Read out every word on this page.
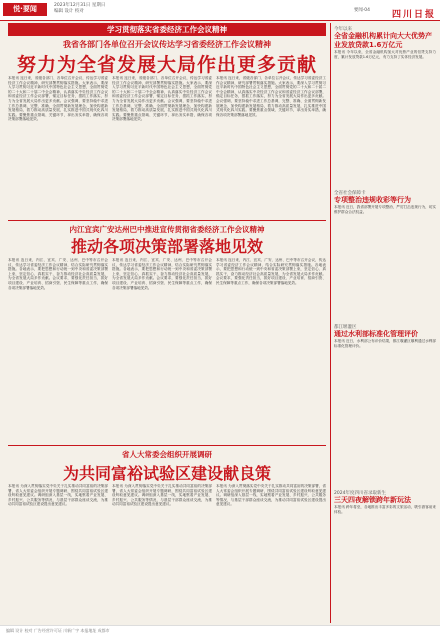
悦·要闻	2023年12月31日 星期日
编辑 设计 校对	四川日报
要闻·04
学习贯彻落实省委经济工作会议精神
我省各部门各单位召开会议传达学习省委经济工作会议精神
努力为全省发展大局作出更多贡献
本报讯 连日来，省级各部门、各单位召开会议，传达学习省委经济工作会议精神，研究部署贯彻落实措施。大家表示，要深入学习贯彻习近平新时代中国特色社会主义思想，全面贯彻党的二十大和二十届二中全会精神，认真落实中央经济工作会议和省委经济工作会议部署，锚定目标任务，狠抓工作落实，努力为全省发展大局作出更多贡献。会议强调，要坚持稳中求进工作总基调，完整、准确、全面贯彻新发展理念，加快构建新发展格局，着力推动高质量发展，扎实推进中国式现代化四川实践。要聚焦重点领域、关键环节，拿出务实举措，确保各项决策部署落地见效。
本报讯 连日来，省级各部门、各单位召开会议，传达学习省委经济工作会议精神，研究部署贯彻落实措施。大家表示，要深入学习贯彻习近平新时代中国特色社会主义思想，全面贯彻党的二十大和二十届二中全会精神，认真落实中央经济工作会议和省委经济工作会议部署，锚定目标任务，狠抓工作落实，努力为全省发展大局作出更多贡献。会议强调，要坚持稳中求进工作总基调，完整、准确、全面贯彻新发展理念，加快构建新发展格局，着力推动高质量发展，扎实推进中国式现代化四川实践。要聚焦重点领域、关键环节，拿出务实举措，确保各项决策部署落地见效。
本报讯 连日来，省级各部门、各单位召开会议，传达学习省委经济工作会议精神，研究部署贯彻落实措施。大家表示，要深入学习贯彻习近平新时代中国特色社会主义思想，全面贯彻党的二十大和二十届二中全会精神，认真落实中央经济工作会议和省委经济工作会议部署，锚定目标任务，狠抓工作落实，努力为全省发展大局作出更多贡献。会议强调，要坚持稳中求进工作总基调，完整、准确、全面贯彻新发展理念，加快构建新发展格局，着力推动高质量发展，扎实推进中国式现代化四川实践。要聚焦重点领域、关键环节，拿出务实举措，确保各项决策部署落地见效。
内江宜宾广安达州巴中推进宣传贯彻省委经济工作会议精神
推动各项决策部署落地见效
本报讯 连日来，内江、宜宾、广安、达州、巴中等市召开会议，传达学习省委经济工作会议精神，结合实际研究贯彻落实措施。各地表示，要把思想和行动统一到中央和省委决策部署上来，坚定信心、真抓实干，奋力推动经济社会高质量发展，为全省发展大局多作贡献。会议要求，要强化责任担当，抓好项目建设、产业培育、招商引资、民生保障等重点工作，确保各项决策部署落地见效。
本报讯 连日来，内江、宜宾、广安、达州、巴中等市召开会议，传达学习省委经济工作会议精神，结合实际研究贯彻落实措施。各地表示，要把思想和行动统一到中央和省委决策部署上来，坚定信心、真抓实干，奋力推动经济社会高质量发展，为全省发展大局多作贡献。会议要求，要强化责任担当，抓好项目建设、产业培育、招商引资、民生保障等重点工作，确保各项决策部署落地见效。
本报讯 连日来，内江、宜宾、广安、达州、巴中等市召开会议，传达学习省委经济工作会议精神，结合实际研究贯彻落实措施。各地表示，要把思想和行动统一到中央和省委决策部署上来，坚定信心、真抓实干，奋力推动经济社会高质量发展，为全省发展大局多作贡献。会议要求，要强化责任担当，抓好项目建设、产业培育、招商引资、民生保障等重点工作，确保各项决策部署落地见效。
省人大常委会组织开展调研
为共同富裕试验区建设献良策
本报讯 为深入贯彻落实党中央关于扎实推动共同富裕的决策部署，省人大常委会组织开展专题调研，围绕共同富裕试验区建设听取意见建议。调研组深入基层一线，实地察看产业发展、乡村振兴、公共服务等情况，与基层干部群众座谈交流，为推动共同富裕试验区建设提出意见建议。
本报讯 为深入贯彻落实党中央关于扎实推动共同富裕的决策部署，省人大常委会组织开展专题调研，围绕共同富裕试验区建设听取意见建议。调研组深入基层一线，实地察看产业发展、乡村振兴、公共服务等情况，与基层干部群众座谈交流，为推动共同富裕试验区建设提出意见建议。
本报讯 为深入贯彻落实党中央关于扎实推动共同富裕的决策部署，省人大常委会组织开展专题调研，围绕共同富裕试验区建设听取意见建议。调研组深入基层一线，实地察看产业发展、乡村振兴、公共服务等情况，与基层干部群众座谈交流，为推动共同富裕试验区建设提出意见建议。
今年以来
全省金融机构累计向大大优势产业发放贷款1.6万亿元
本报讯 今年以来，全省金融机构加大对优势产业的信贷支持力度，累计发放贷款1.6万亿元，有力支持了实体经济发展。
全省社会保障卡
专项整治违规收彩等行为
本报讯 近日，我省部署开展专项整治，严厉打击违规行为，切实维护群众合法权益。
都江堰灌区
通过水利部标准化管理评价
本报讯 近日，水利部公布评价结果，都江堰灌区顺利通过水利部标准化管理评价。
2024年度四川省录取新生
三天四夜解锁跨年新玩法
本报讯 跨年将至，各地推出丰富多彩的文旅活动，吸引游客前来体验。
编辑 设计 校对 广告经营许可证 川新广字 本报地址 成都市
